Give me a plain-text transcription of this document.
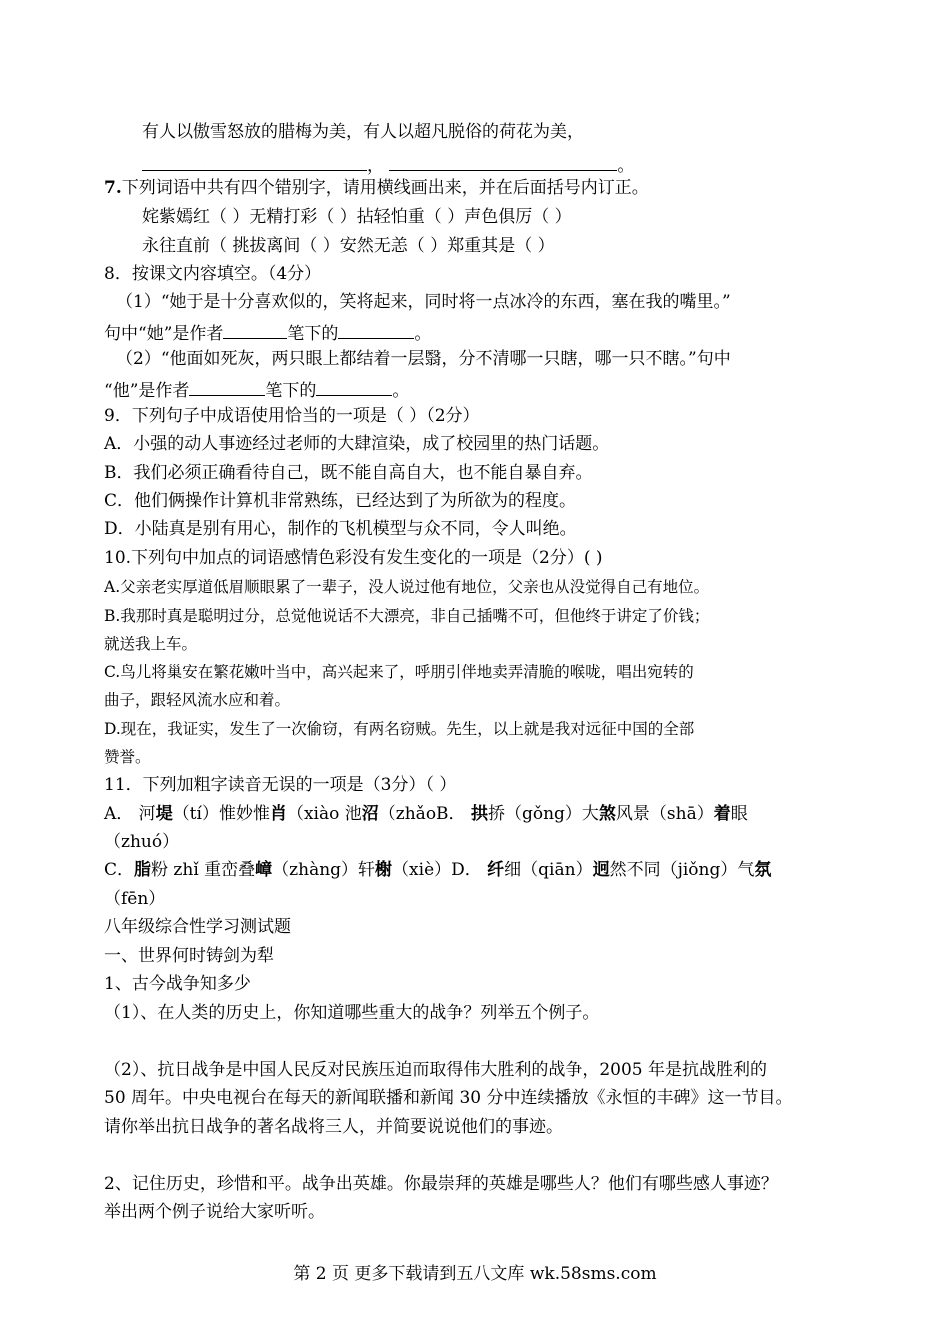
有人以傲雪怒放的腊梅为美，有人以超凡脱俗的荷花为美，
，	。
7.下列词语中共有四个错别字，请用横线画出来，并在后面括号内订正。
姹紫嫣红（ ）无精打彩（ ）拈轻怕重（ ）声色俱厉（ ）
永往直前（ 挑拔离间（ ）安然无恙（ ）郑重其是（ ）
8．按课文内容填空。（4分）
（1）“她于是十分喜欢似的，笑将起来，同时将一点冰冷的东西，塞在我的嘴里。”
句中“她”是作者	笔下的	。
（2）“他面如死灰，两只眼上都结着一层翳，分不清哪一只瞎，哪一只不瞎。”句中
“他”是作者	笔下的	。
9．下列句子中成语使用恰当的一项是（ ）（2分）
A．小强的动人事迹经过老师的大肆渲染，成了校园里的热门话题。
B．我们必须正确看待自己，既不能自高自大，也不能自暴自弃。
C．他们俩操作计算机非常熟练，已经达到了为所欲为的程度。
D．小陆真是别有用心，制作的飞机模型与众不同，令人叫绝。
10.下列句中加点的词语感情色彩没有发生变化的一项是（2分）( )
A.父亲老实厚道低眉顺眼累了一辈子，没人说过他有地位，父亲也从没觉得自己有地位。
B.我那时真是聪明过分，总觉他说话不大漂亮，非自己插嘴不可，但他终于讲定了价钱；
就送我上车。
C.鸟儿将巢安在繁花嫩叶当中，高兴起来了，呼朋引伴地卖弄清脆的喉咙，唱出宛转的
曲子，跟轻风流水应和着。
D.现在，我证实，发生了一次偷窃，有两名窃贼。先生，以上就是我对远征中国的全部
赞誉。
11．下列加粗字读音无误的一项是（3分）（ ）
A． 河堤（tí）惟妙惟肖（xiào 池沼（zhǎoB． 拱挢（gǒng）大煞风景（shā）着眼
（zhuó）
C．脂粉 zhǐ 重峦叠嶂（zhàng）轩榭（xiè）D． 纤细（qiān）迥然不同（jiǒng）气氛
（fēn）
八年级综合性学习测试题
一、世界何时铸剑为犁
1、古今战争知多少
（1）、在人类的历史上，你知道哪些重大的战争？列举五个例子。
（2）、抗日战争是中国人民反对民族压迫而取得伟大胜利的战争，2005 年是抗战胜利的
50 周年。中央电视台在每天的新闻联播和新闻 30 分中连续播放《永恒的丰碑》这一节目。
请你举出抗日战争的著名战将三人，并简要说说他们的事迹。
2、记住历史，珍惜和平。战争出英雄。你最崇拜的英雄是哪些人？他们有哪些感人事迹？
举出两个例子说给大家听听。
第 2 页 更多下载请到五八文库 wk.58sms.com
